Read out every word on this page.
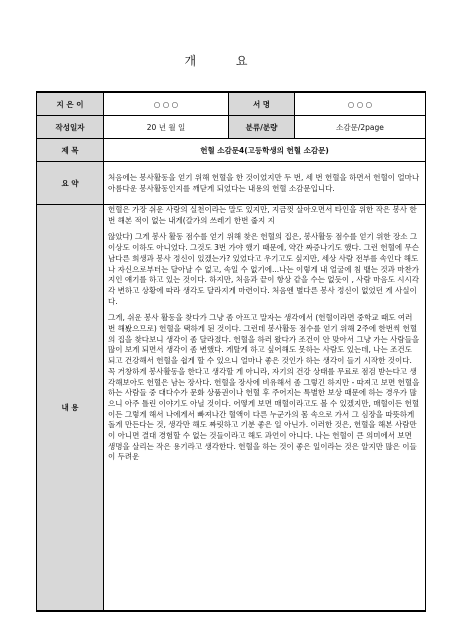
개 요
지 은 이	○ ○ ○	서 명	○ ○ ○
작성일자	20 년 월 일	분류/분량	소감문/2page
제 목	헌혈 소감문4(고등학생의 헌혈 소감문)		
요 약	처음에는 봉사활동을 얻기 위해 헌혈을 한 것이었지만 두 번, 세 번 헌혈을 하면서 헌혈이 얼마나 아름다운 봉사활동인지를 깨닫게 되었다는 내용의 헌혈 소감문입니다.		
내 용	헌혈은 가장 쉬운 사랑의 실천이라는 말도 있지만, 지금껏 살아오면서 타인을 위한 작은 봉사 한번 해본 적이 없는 내게(갈가의 쓰레기 한번 줍지 지

않았다) 그게 봉사 활동 점수를 얻기 위해 찾은 헌혈의 집은, 봉사활동 점수를 얻기 위한 장소 그 이상도 이하도 아니었다. 그것도 3번 가야 했기 때문에, 약간 짜증나기도 했다. 그런 헌혈에 무슨 남다른 희생과 봉사 정신이 있겠는가? 있었다고 우기고도 싶지만, 세상 사람 전부를 속인다 해도 나 자신으로부터는 달아날 수 없고, 속일 수 없기에...나는 이렇게 내 얼굴에 침 뱉는 것과 마찬가지인 얘기를 하고 있는 것이다. 하지만, 처음과 끝이 항상 같을 수는 없듯이 , 사람 마음도 시시각각 변하고 상황에 따라 생각도 달라지게 마련이다. 처음엔 별다른 봉사 정신이 없었던 게 사실이다.

그게, 쉬운 봉사 활동을 찾다가 그냥 좀 아프고 말자는 생각에서 (헌혈이라면 중학교 때도 여러 번 해봤으므로) 헌혈을 택하게 된 것이다. 그런데 봉사활동 점수를 얻기 위해 2주에 한번씩 헌혈의 집을 찾다보니 생각이 좀 달라졌다. 헌혈을 하러 왔다가 조건이 안 맞아서 그냥 가는 사람들을 많이 보게 되면서 생각이 좀 변했다. 게탈게 하고 싶어해도 못하는 사람도 있는데, 나는 조건도 되고 건강해서 헌혈을 쉽게 할 수 있으니 얼마나 좋은 것인가 하는 생각이 들기 시작한 것이다. 꼭 거창하게 봉사활동을 한다고 생각할 게 아니라, 자기의 건강 상태를 무료로 점검 받는다고 생각해보아도 헌혈은 남는 장사다. 헌혈을 장사에 비유해서 좀 그렇긴 하지만 - 따져고 보면 헌혈을 하는 사람들 중 대다수가 문화 상품권이나 헌혈 후 주어지는 특별한 보상 때문에 하는 경우가 많으니 아주 틀린 이야기도 아닐 것이다. 어떻게 보면 매혈이라고도 볼 수 있겠지만, 매혈이든 헌혈이든 그렇게 해서 나에게서 빠져나간 혈액이 다른 누군가의 몸 속으로 가서 그 심장을 따뜻하게 돌게 만든다는 것, 생각만 해도 짜릿하고 기분 좋은 일 아닌가. 이러한 것은, 헌혈을 해본 사람만이 아니면 결대 경험할 수 없는 것들이라고 해도 과언이 아니다. 나는 헌혈이 큰 의미에서 보면 생명을 살리는 작은 용기라고 생각한다. 헌혈을 하는 것이 좋은 일이라는 것은 알지만 많은 이들이 두려운		
